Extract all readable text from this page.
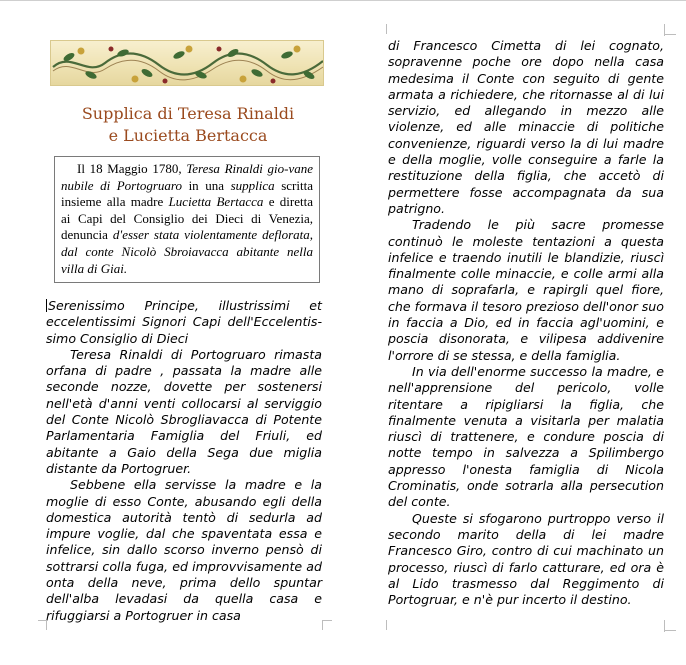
Supplica di Teresa Rinaldi
e Lucietta Bertacca

Il 18 Maggio 1780, Teresa Rinaldi gio-vane nubile di Portogruaro in una supplica scritta insieme alla madre Lucietta Bertacca e diretta ai Capi del Consiglio dei Dieci di Venezia, denuncia d'esser stata violentamente deflorata, dal conte Nicolò Sbroiavacca abitante nella villa di Giai.

Serenissimo Principe, illustrissimi et eccelentissimi Signori Capi dell'Eccelentis-simo Consiglio di Dieci

Teresa Rinaldi di Portogruaro rimasta orfana di padre , passata la madre alle seconde nozze, dovette per sostenersi nell'età d'anni venti collocarsi al serviggio del Conte Nicolò Sbrogliavacca di Potente Parlamentaria Famiglia del Friuli, ed abitante a Gaio della Sega due miglia distante da Portogruer.

Sebbene ella servisse la madre e la moglie di esso Conte, abusando egli della domestica autorità tentò di sedurla ad impure voglie, dal che spaventata essa e infelice, sin dallo scorso inverno pensò di sottrarsi colla fuga, ed improvvisamente ad onta della neve, prima dello spuntar dell'alba levadasi da quella casa e rifuggiarsi a Portogruer in casa

di Francesco Cimetta di lei cognato, sopravenne poche ore dopo nella casa medesima il Conte con seguito di gente armata a richiedere, che ritornasse al di lui servizio, ed allegando in mezzo alle violenze, ed alle minaccie di politiche convenienze, riguardi verso la di lui madre e della moglie, volle conseguire a farle la restituzione della figlia, che accetò di permettere fosse accompagnata da sua patrigno.

Tradendo le più sacre promesse continuò le moleste tentazioni a questa infelice e traendo inutili le blandizie, riuscì finalmente colle minaccie, e colle armi alla mano di soprafarla, e rapirgli quel fiore, che formava il tesoro prezioso dell'onor suo in faccia a Dio, ed in faccia agl'uomini, e poscia disonorata, e vilipesa addivenire l'orrore di se stessa, e della famiglia.

In via dell'enorme successo la madre, e nell'apprensione del pericolo, volle ritentare a ripigliarsi la figlia, che finalmente venuta a visitarla per malatia riuscì di trattenere, e condure poscia di notte tempo in salvezza a Spilimbergo appresso l'onesta famiglia di Nicola Crominatis, onde sotrarla alla persecution del conte.

Queste si sfogarono purtroppo verso il secondo marito della di lei madre Francesco Giro, contro di cui machinato un processo, riuscì di farlo catturare, ed ora è al Lido trasmesso dal Reggimento di Portogruar, e n'è pur incerto il destino.
